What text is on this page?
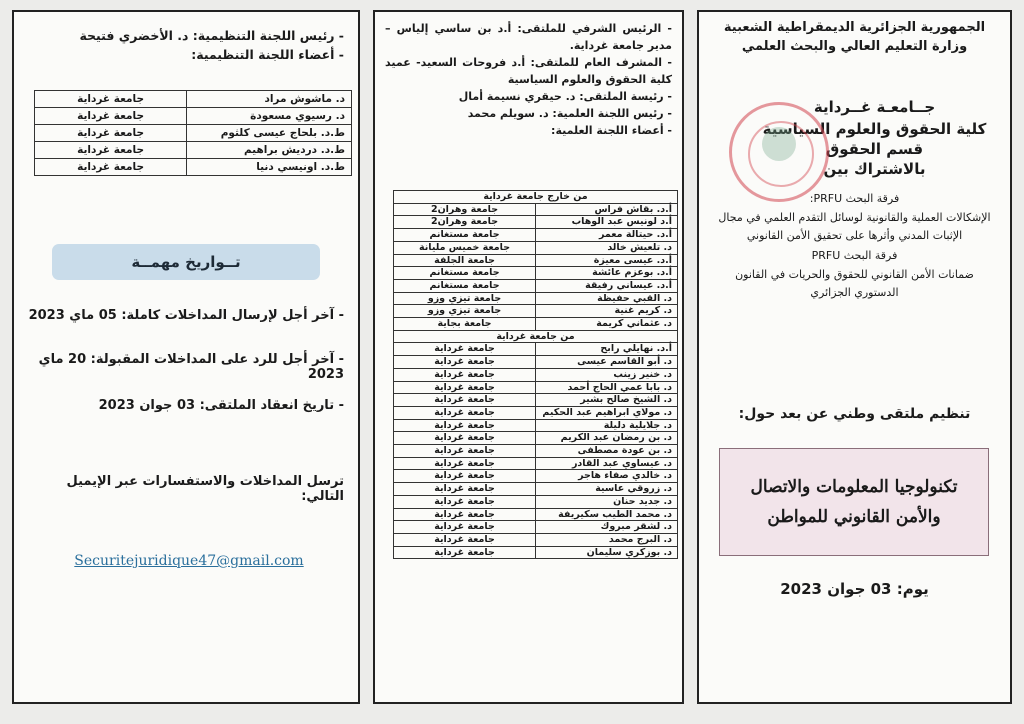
- رئيس اللجنة التنظيمية: د. الأخضري فتيحة
- أعضاء اللجنة التنظيمية:
د. ماشوش مراد	جامعة غرداية
د. رسيوي مسعودة	جامعة غرداية
ط.د. بلحاج عيسى كلثوم	جامعة غرداية
ط.د. درديش براهيم	جامعة غرداية
ط.د. اونيسي دنيا	جامعة غرداية
تــواريخ مهمــة
- آخر أجل لإرسال المداخلات كاملة: 05 ماي 2023
- آخر أجل للرد على المداخلات المقبولة: 20 ماي 2023
- تاريخ انعقاد الملتقى: 03 جوان 2023
ترسل المداخلات والاستفسارات عبر الإيميل التالي:
Securitejuridique47@gmail.com
- الرئيس الشرفي للملتقى: أ.د بن ساسي إلياس – مدير جامعة غرداية.
- المشرف العام للملتقى: أ.د فروحات السعيد- عميد كلية الحقوق والعلوم السياسية
- رئيسة الملتقى: د. حيقري نسيمة أمال
- رئيس اللجنة العلمية: د. سويلم محمد
- أعضاء اللجنة العلمية:
من خارج جامعة غرداية	
أ.د. بقاش فراس	جامعة وهران2
أ.د لونيس عبد الوهاب	جامعة وهران2
أ.د. حيتالة معمر	جامعة مستغانم
د. تلعيش خالد	جامعة خميس مليانة
أ.د. عيسى معيزة	جامعة الجلفة
أ.د. بوعزم عائشة	جامعة مستغانم
أ.د. عيساني رفيقة	جامعة مستغانم
د. القبي حفيظة	جامعة تيزي وزو
د. كريم غنية	جامعة تيزي وزو
د. عثماني كريمة	جامعة بجاية
من جامعة غرداية	
أ.د. نهايلي رابح	جامعة غرداية
د. أبو القاسم عيسى	جامعة غرداية
د. خنير زينب	جامعة غرداية
د. بابا عمي الحاج أحمد	جامعة غرداية
د. الشيخ صالح بشير	جامعة غرداية
د. مولاي ابراهيم عبد الحكيم	جامعة غرداية
د. جلايلية دليلة	جامعة غرداية
د. بن رمضان عبد الكريم	جامعة غرداية
د. بن عودة مصطفى	جامعة غرداية
د. عيساوي عبد القادر	جامعة غرداية
د. خالدي صفاء هاجر	جامعة غرداية
د. زروقي عاسية	جامعة غرداية
د. جديد حنان	جامعة غرداية
د. محمد الطيب سكيريفة	جامعة غرداية
د. لشقر مبروك	جامعة غرداية
د. البرج محمد	جامعة غرداية
د. بوزكري سليمان	جامعة غرداية
الجمهورية الجزائرية الديمقراطية الشعبية
وزارة التعليم العالي والبحث العلمي
جــامعـة غــرداية
كلية الحقوق والعلوم السياسية
قسم الحقوق
بالاشتراك بين
فرقة البحث PRFU:
الإشكالات العملية والقانونية لوسائل التقدم العلمي في مجال الإثبات المدني وأثرها على تحقيق الأمن القانوني
فرقة البحث PRFU
ضمانات الأمن القانوني للحقوق والحريات في القانون الدستوري الجزائري
تنظيم ملتقى وطني عن بعد حول:
تكنولوجيا المعلومات والاتصال
والأمن القانوني للمواطن
يوم: 03 جوان 2023
